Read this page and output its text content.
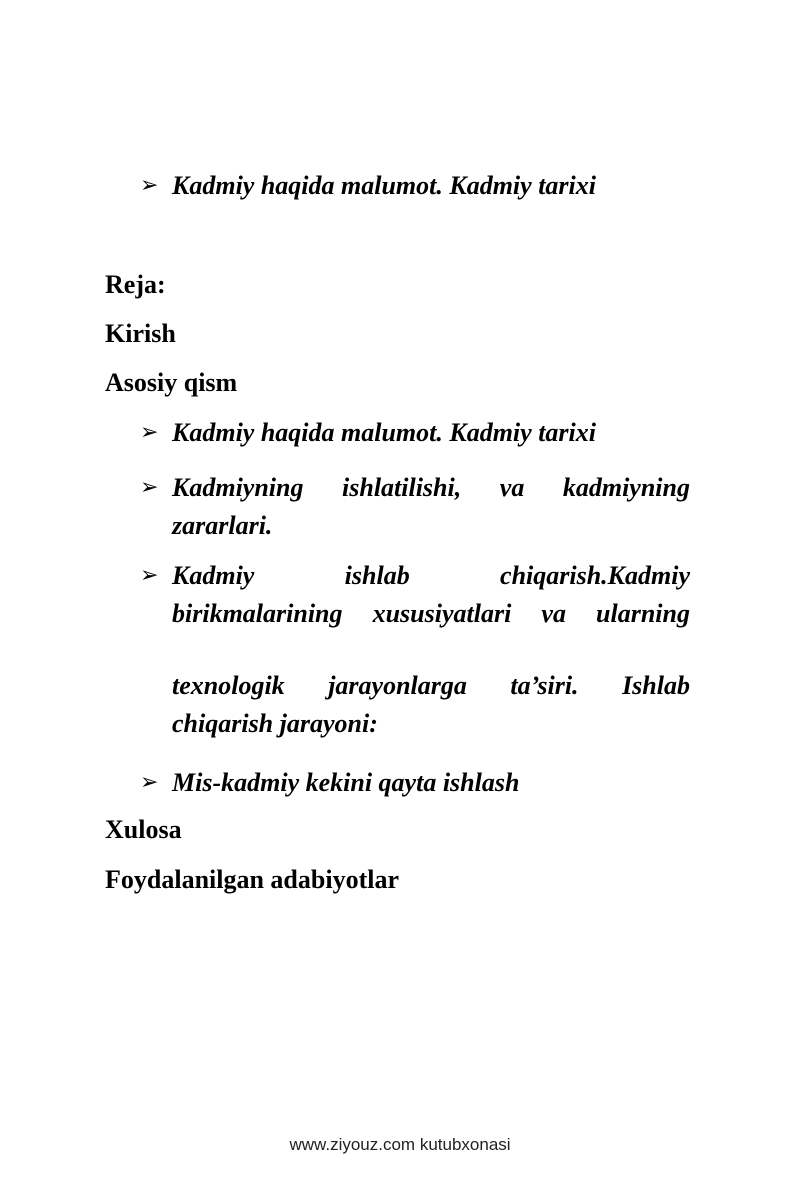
➢ Kadmiy haqida malumot. Kadmiy tarixi
Reja:
Kirish
Asosiy qism
➢ Kadmiy haqida malumot. Kadmiy tarixi
➢ Kadmiyning ishlatilishi, va kadmiyning
zararlari.
➢ Kadmiy ishlab chiqarish.Kadmiy
birikmalarining xususiyatlari va ularning
texnologik jarayonlarga ta’siri. Ishlab
chiqarish jarayoni:
➢ Mis-kadmiy kekini qayta ishlash
Xulosa
Foydalanilgan adabiyotlar
www.ziyouz.com kutubxonasi
